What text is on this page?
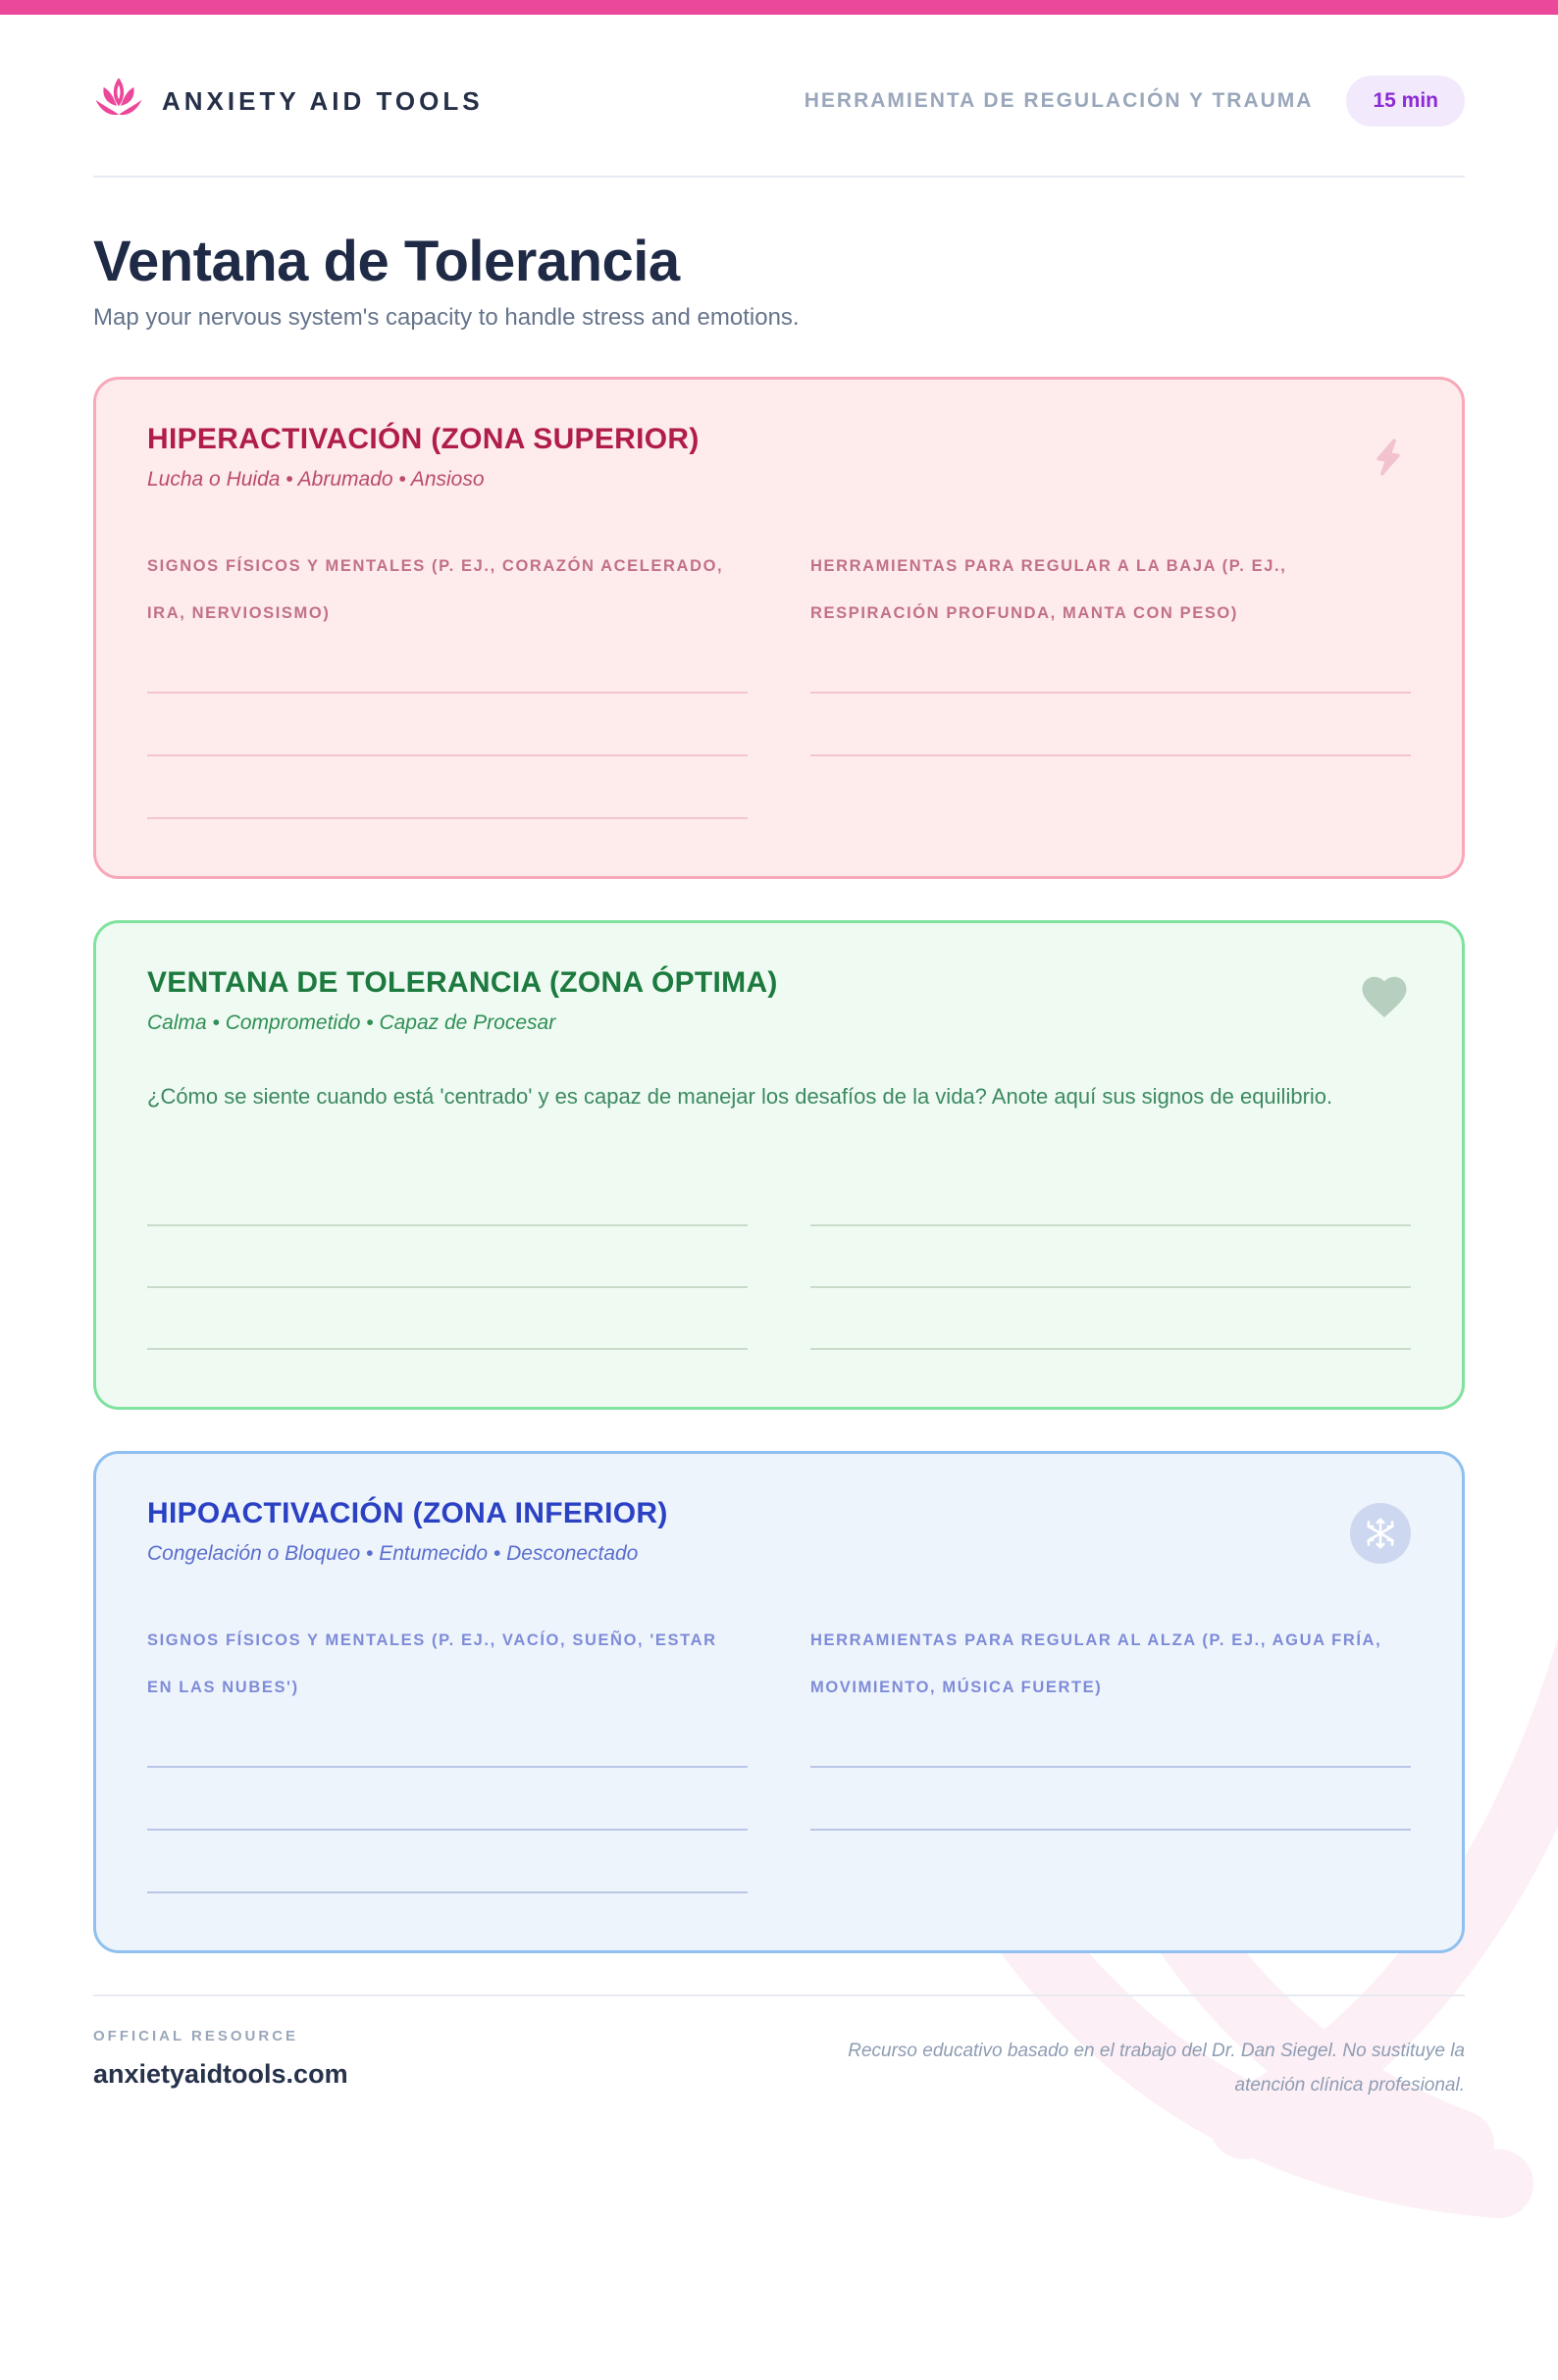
ANXIETY AID TOOLS	HERRAMIENTA DE REGULACIÓN Y TRAUMA	15 min
Ventana de Tolerancia

Map your nervous system's capacity to handle stress and emotions.

HIPERACTIVACIÓN (ZONA SUPERIOR)

Lucha o Huida • Abrumado • Ansioso

SIGNOS FÍSICOS Y MENTALES (P. EJ., CORAZÓN ACELERADO, IRA, NERVIOSISMO)

HERRAMIENTAS PARA REGULAR A LA BAJA (P. EJ., RESPIRACIÓN PROFUNDA, MANTA CON PESO)

VENTANA DE TOLERANCIA (ZONA ÓPTIMA)

Calma • Comprometido • Capaz de Procesar

¿Cómo se siente cuando está 'centrado' y es capaz de manejar los desafíos de la vida? Anote aquí sus signos de equilibrio.

HIPOACTIVACIÓN (ZONA INFERIOR)

Congelación o Bloqueo • Entumecido • Desconectado

SIGNOS FÍSICOS Y MENTALES (P. EJ., VACÍO, SUEÑO, 'ESTAR EN LAS NUBES')

HERRAMIENTAS PARA REGULAR AL ALZA (P. EJ., AGUA FRÍA, MOVIMIENTO, MÚSICA FUERTE)

OFFICIAL RESOURCE
anxietyaidtools.com

Recurso educativo basado en el trabajo del Dr. Dan Siegel. No sustituye la atención clínica profesional.
